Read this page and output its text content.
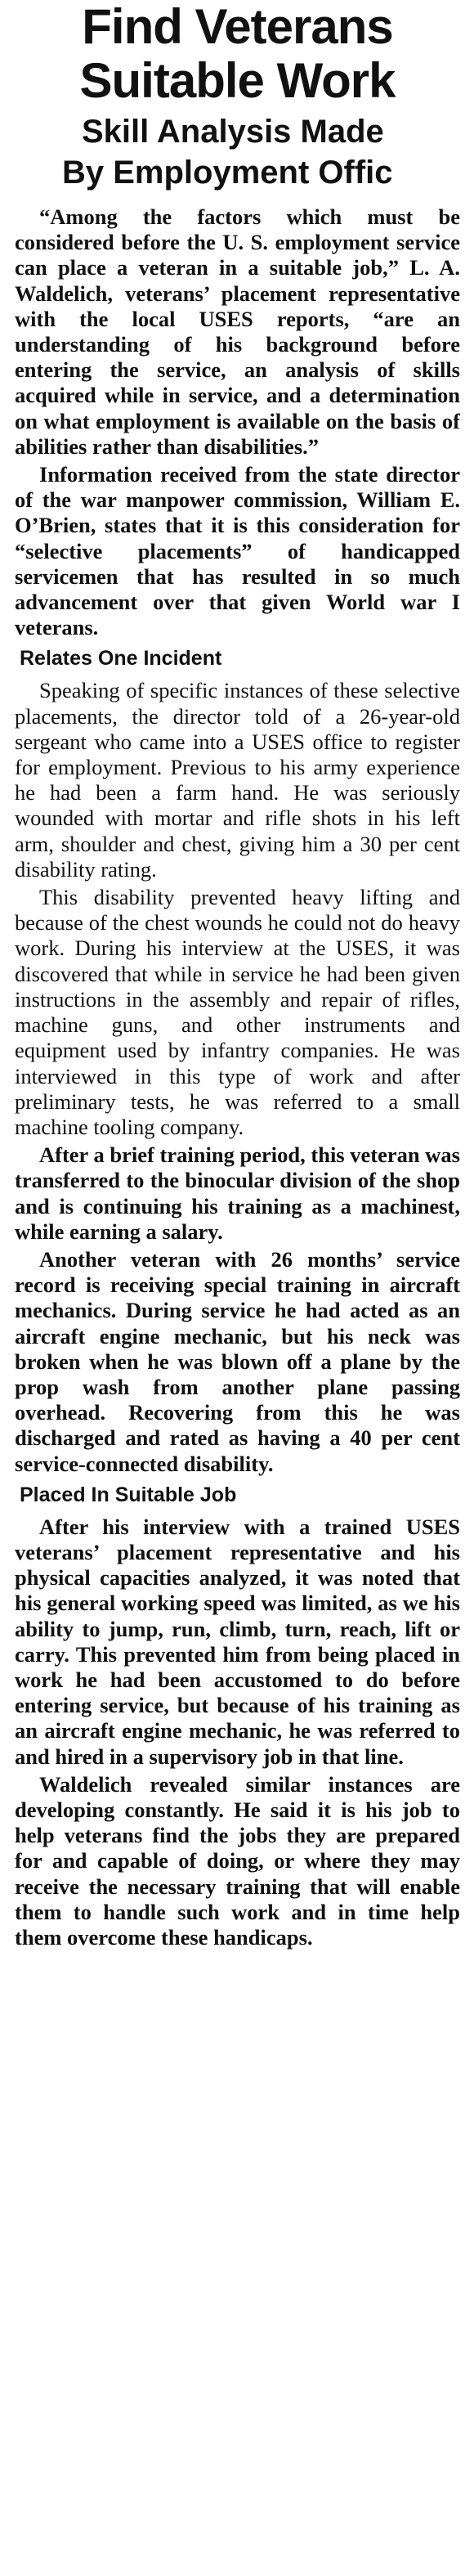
Find Veterans
Suitable Work
Skill Analysis Made
By Employment Offic

“Among the factors which must be considered before the U. S. employment service can place a veteran in a suitable job,” L. A. Waldelich, veterans’ placement representative with the local USES reports, “are an understanding of his background before entering the service, an analysis of skills acquired while in service, and a determination on what employment is available on the basis of abilities rather than disabilities.”

Information received from the state director of the war manpower commission, William E. O’Brien, states that it is this consideration for “selective placements” of handicapped servicemen that has resulted in so much advancement over that given World war I veterans.

Relates One Incident

Speaking of specific instances of these selective placements, the director told of a 26-year-old sergeant who came into a USES office to register for employment. Previous to his army experience he had been a farm hand. He was seriously wounded with mortar and rifle shots in his left arm, shoulder and chest, giving him a 30 per cent disability rating.

This disability prevented heavy lifting and because of the chest wounds he could not do heavy work. During his interview at the USES, it was discovered that while in service he had been given instructions in the assembly and repair of rifles, machine guns, and other instruments and equipment used by infantry companies. He was interviewed in this type of work and after preliminary tests, he was referred to a small machine tooling company.

After a brief training period, this veteran was transferred to the binocular division of the shop and is continuing his training as a machinest, while earning a salary.

Another veteran with 26 months’ service record is receiving special training in aircraft mechanics. During service he had acted as an aircraft engine mechanic, but his neck was broken when he was blown off a plane by the prop wash from another plane passing overhead. Recovering from this he was discharged and rated as having a 40 per cent service-connected disability.

Placed In Suitable Job

After his interview with a trained USES veterans’ placement representative and his physical capacities analyzed, it was noted that his general working speed was limited, as we his ability to jump, run, climb, turn, reach, lift or carry. This prevented him from being placed in work he had been accustomed to do before entering service, but because of his training as an aircraft engine mechanic, he was referred to and hired in a supervisory job in that line.

Waldelich revealed similar instances are developing constantly. He said it is his job to help veterans find the jobs they are prepared for and capable of doing, or where they may receive the necessary training that will enable them to handle such work and in time help them overcome these handicaps.
